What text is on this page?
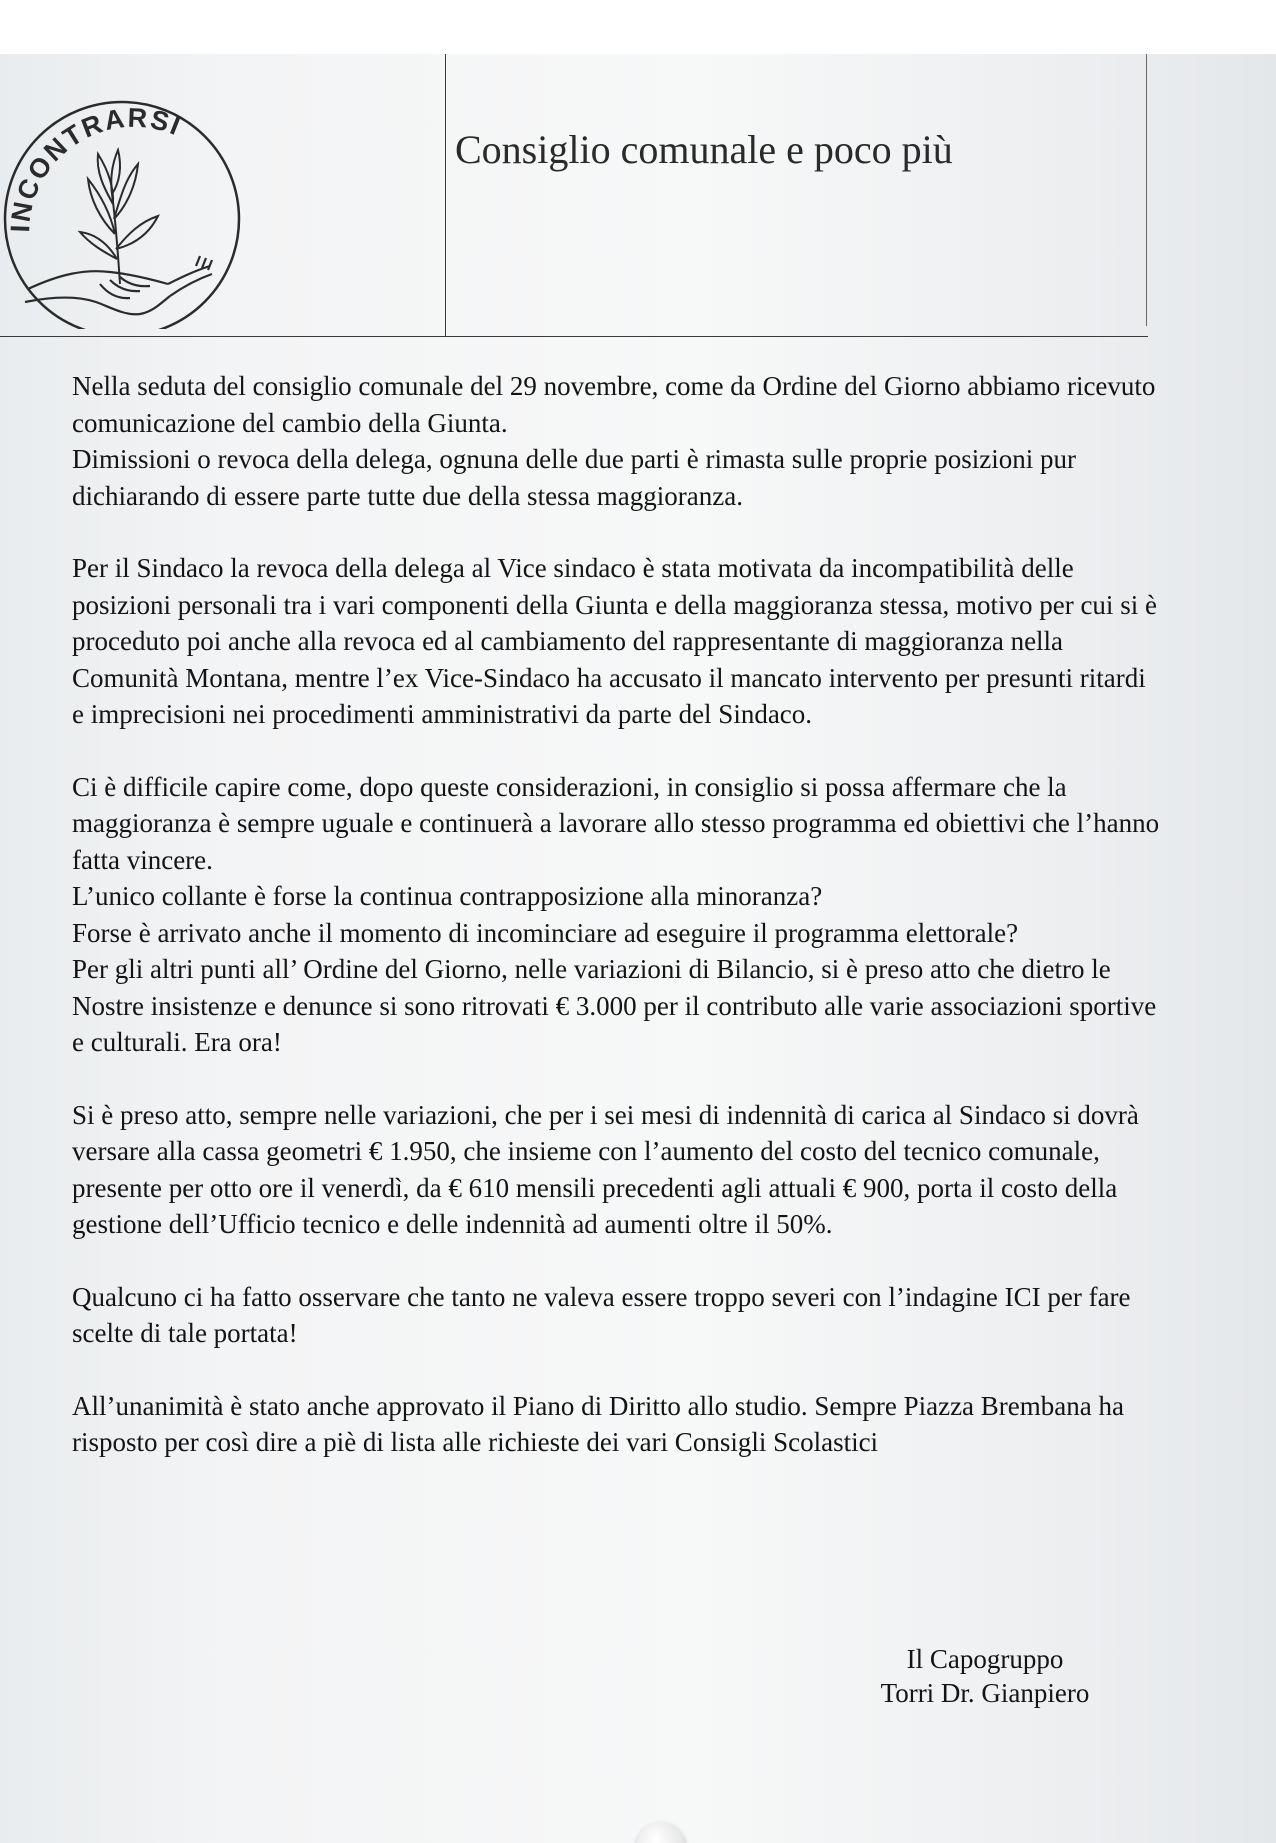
INCONTRARSI
Consiglio comunale e poco più
​

Nella seduta del consiglio comunale del 29 novembre, come da Ordine del Giorno abbiamo ricevuto comunicazione del cambio della Giunta.
Dimissioni o revoca della delega, ognuna delle due parti è rimasta sulle proprie posizioni pur dichiarando di essere parte tutte due della stessa maggioranza.

Per il Sindaco la revoca della delega al Vice sindaco è stata motivata da incompatibilità delle posizioni personali tra i vari componenti della Giunta e della maggioranza stessa, motivo per cui si è proceduto poi anche alla revoca ed al cambiamento del rappresentante di maggioranza nella Comunità Montana, mentre l’ex Vice-Sindaco ha accusato il mancato intervento per presunti ritardi e imprecisioni nei procedimenti amministrativi da parte del Sindaco.

Ci è difficile capire come, dopo queste considerazioni, in consiglio si possa affermare che la maggioranza è sempre uguale e continuerà a lavorare allo stesso programma ed obiettivi che l’hanno fatta vincere.
L’unico collante è forse la continua contrapposizione alla minoranza?
Forse è arrivato anche il momento di incominciare ad eseguire il programma elettorale?
Per gli altri punti all’ Ordine del Giorno, nelle variazioni di Bilancio, si è preso atto che dietro le Nostre insistenze e denunce si sono ritrovati € 3.000 per il contributo alle varie associazioni sportive e culturali. Era ora!

Si è preso atto, sempre nelle variazioni, che per i sei mesi di indennità di carica al Sindaco si dovrà versare alla cassa geometri € 1.950, che insieme con l’aumento del costo del tecnico comunale, presente per otto ore il venerdì, da € 610 mensili precedenti agli attuali € 900, porta il costo della gestione dell’Ufficio tecnico e delle indennità ad aumenti oltre il 50%.

Qualcuno ci ha fatto osservare che tanto ne valeva essere troppo severi con l’indagine ICI per fare scelte di tale portata!

All’unanimità è stato anche approvato il Piano di Diritto allo studio. Sempre Piazza Brembana ha risposto per così dire a piè di lista alle richieste dei vari Consigli Scolastici

Il Capogruppo
Torri Dr. Gianpiero
